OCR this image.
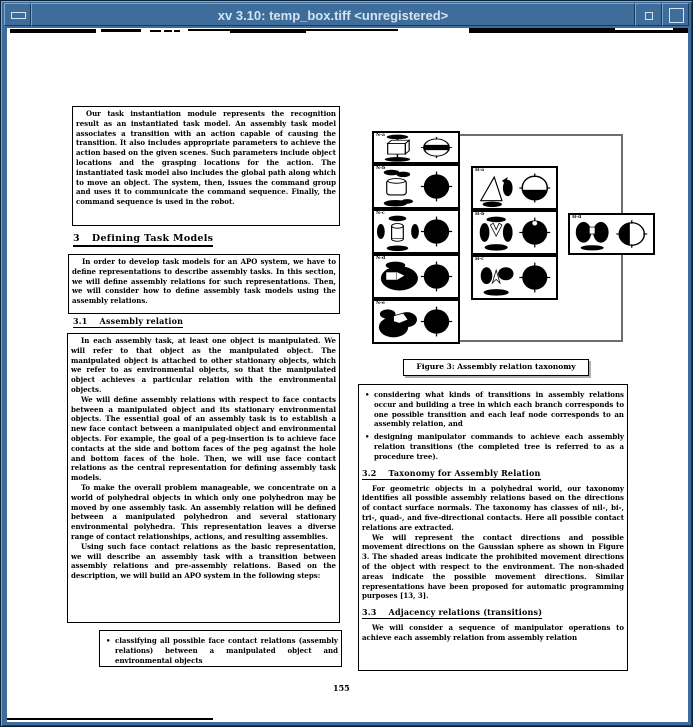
xv 3.10: temp_box.tiff <unregistered>

Our task instantiation module represents the recognition result as an instantiated task model. An assembly task model associates a transition with an action capable of causing the transition. It also includes appropriate parameters to achieve the action based on the given scenes. Such parameters include object locations and the grasping locations for the action. The instantiated task model also includes the global path along which to move an object. The system, then, issues the command group and uses it to communicate the command sequence. Finally, the command sequence is used in the robot.

3 Defining Task Models

In order to develop task models for an APO system, we have to define representations to describe assembly tasks. In this section, we will define assembly relations for such representations. Then, we will consider how to define assembly task models using the assembly relations.

3.1 Assembly relation

In each assembly task, at least one object is manipulated. We will refer to that object as the manipulated object. The manipulated object is attached to other stationary objects, which we refer to as environmental objects, so that the manipulated object achieves a particular relation with the environmental objects.

We will define assembly relations with respect to face contacts between a manipulated object and its stationary environmental objects. The essential goal of an assembly task is to establish a new face contact between a manipulated object and environmental objects. For example, the goal of a peg-insertion is to achieve face contacts at the side and bottom faces of the peg against the hole and bottom faces of the hole. Then, we will use face contact relations as the central representation for defining assembly task models.

To make the overall problem manageable, we concentrate on a world of polyhedral objects in which only one polyhedron may be moved by one assembly task. An assembly relation will be defined between a manipulated polyhedron and several stationary environmental polyhedra. This representation leaves a diverse range of contact relationships, actions, and resulting assemblies.

Using such face contact relations as the basic representation, we will describe an assembly task with a transition between assembly relations and pre-assembly relations. Based on the description, we will build an APO system in the following steps:

• classifying all possible face contact relations (assembly relations) between a manipulated object and environmental objects
N-a
N-b
N-c
N-d
N-e
H-a
H-b
H-c
H-d
Figure 3: Assembly relation taxonomy
• considering what kinds of transitions in assembly relations occur and building a tree in which each branch corresponds to one possible transition and each leaf node corresponds to an assembly relation, and
• designing manipulator commands to achieve each assembly relation transitions (the completed tree is referred to as a procedure tree).
3.2 Taxonomy for Assembly Relation

For geometric objects in a polyhedral world, our taxonomy identifies all possible assembly relations based on the directions of contact surface normals. The taxonomy has classes of nil-, bi-, tri-, quad-, and five-directional contacts. Here all possible contact relations are extracted.

We will represent the contact directions and possible movement directions on the Gaussian sphere as shown in Figure 3. The shaded areas indicate the prohibited movement directions of the object with respect to the environment. The non-shaded areas indicate the possible movement directions. Similar representations have been proposed for automatic programming purposes [13, 3].

3.3 Adjacency relations (transitions)

We will consider a sequence of manipulator operations to achieve each assembly relation from assembly relation

155
